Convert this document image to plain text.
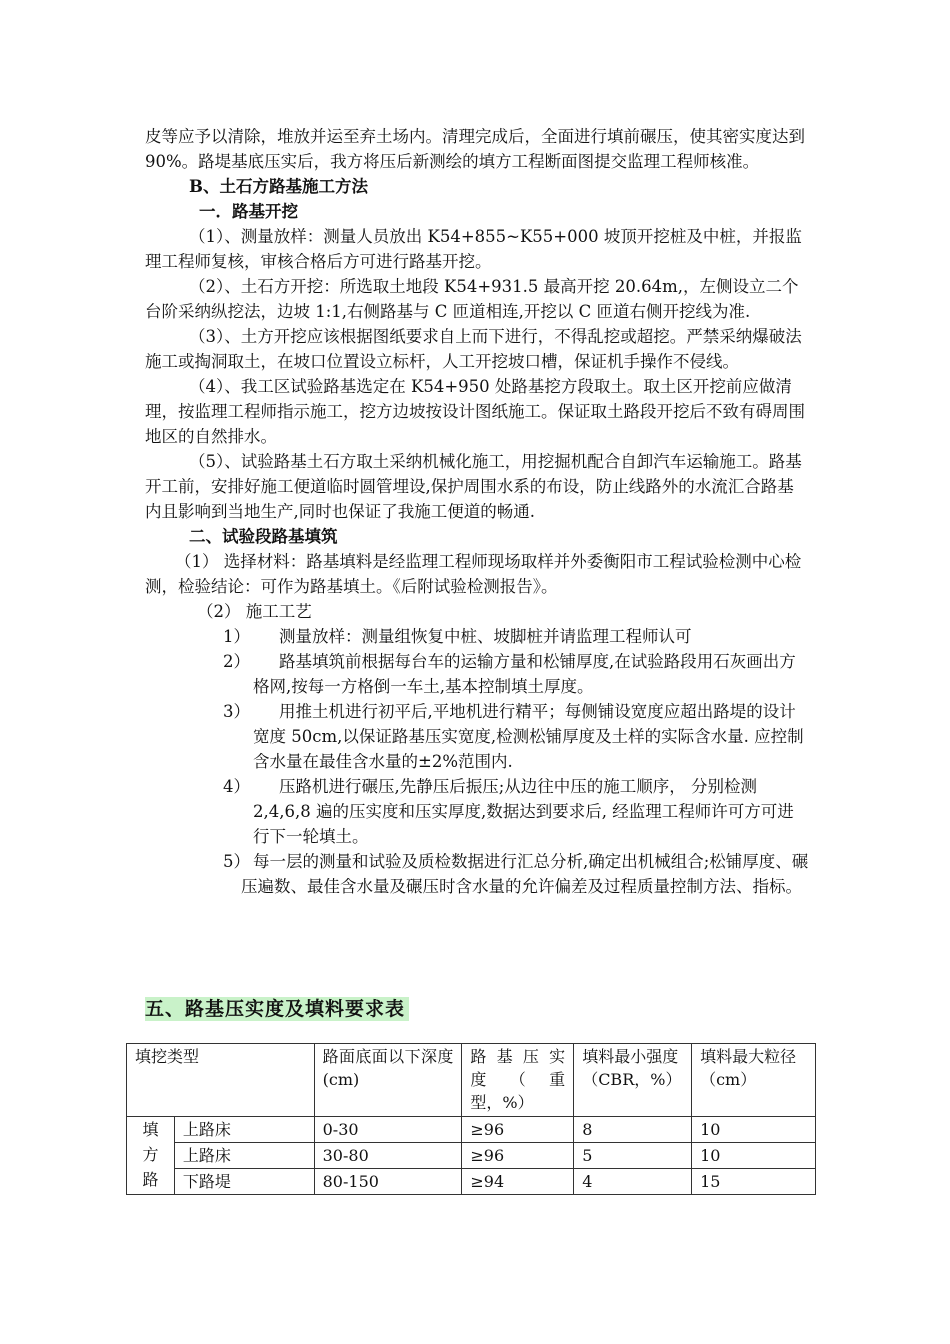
皮等应予以清除，堆放并运至弃土场内。清理完成后，全面进行填前碾压，使其密实度达到 90%。路堤基底压实后，我方将压后新测绘的填方工程断面图提交监理工程师核准。

B、土石方路基施工方法

一．路基开挖

（1）、测量放样：测量人员放出 K54+855~K55+000 坡顶开挖桩及中桩，并报监理工程师复核，审核合格后方可进行路基开挖。

（2）、土石方开挖：所选取土地段 K54+931.5 最高开挖 20.64m,，左侧设立二个台阶采纳纵挖法，边坡 1:1,右侧路基与 C 匝道相连,开挖以 C 匝道右侧开挖线为准.

（3）、土方开挖应该根据图纸要求自上而下进行，不得乱挖或超挖。严禁采纳爆破法施工或掏洞取土，在坡口位置设立标杆，人工开挖坡口槽，保证机手操作不侵线。

（4）、我工区试验路基选定在 K54+950 处路基挖方段取土。取土区开挖前应做清理，按监理工程师指示施工，挖方边坡按设计图纸施工。保证取土路段开挖后不致有碍周围地区的自然排水。

（5）、试验路基土石方取土采纳机械化施工，用挖掘机配合自卸汽车运输施工。路基开工前，安排好施工便道临时圆管埋设,保护周围水系的布设，防止线路外的水流汇合路基内且影响到当地生产,同时也保证了我施工便道的畅通.

二、试验段路基填筑

（1） 选择材料：路基填料是经监理工程师现场取样并外委衡阳市工程试验检测中心检测，检验结论：可作为路基填土。《后附试验检测报告》。

（2） 施工工艺

1）	测量放样：测量组恢复中桩、坡脚桩并请监理工程师认可
2）	路基填筑前根据每台车的运输方量和松铺厚度,在试验路段用石灰画出方格网,按每一方格倒一车土,基本控制填土厚度。
3）	用推土机进行初平后,平地机进行精平；每侧铺设宽度应超出路堤的设计宽度 50cm,以保证路基压实宽度,检测松铺厚度及土样的实际含水量. 应控制含水量在最佳含水量的±2%范围内.
4）	压路机进行碾压,先静压后振压;从边往中压的施工顺序， 分别检测 2,4,6,8 遍的压实度和压实厚度,数据达到要求后, 经监理工程师许可方可进行下一轮填土。
5） 每一层的测量和试验及质检数据进行汇总分析,确定出机械组合;松铺厚度、碾压遍数、最佳含水量及碾压时含水量的允许偏差及过程质量控制方法、指标。
五、路基压实度及填料要求表
填挖类型		路面底面以下深度(cm)	路 基 压 实 度 （ 重 型，%）	填料最小强度（CBR，%）	填料最大粒径（cm）

填方路	上路床	0-30	≥96	8	10
	上路床	30-80	≥96	5	10
	下路堤	80-150	≥94	4	15
